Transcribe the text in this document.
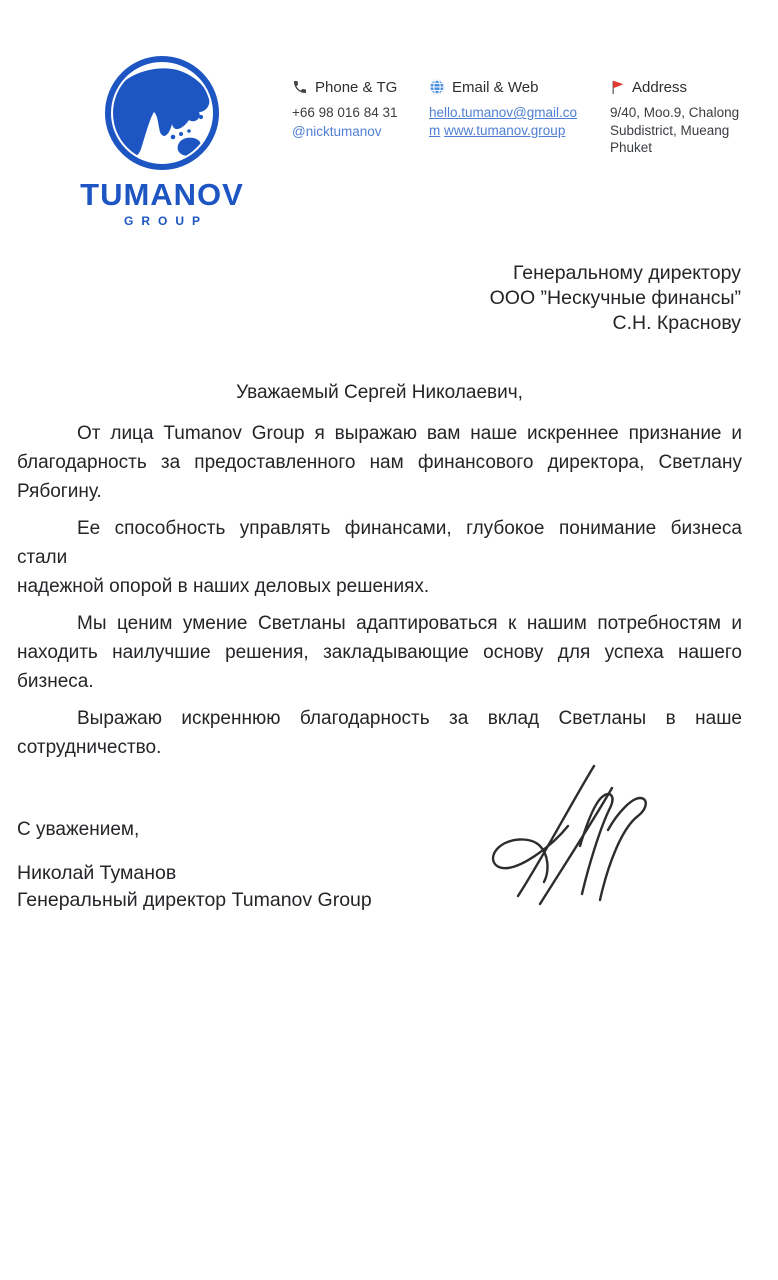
TUMANOV
GROUP
Phone & TG
+66 98 016 84 31
@nicktumanov
Email & Web
hello.tumanov@gmail.com www.tumanov.group
Address
9/40, Moo.9, Chalong Subdistrict, Mueang Phuket
Генеральному директору
ООО ”Нескучные финансы”
С.Н. Краснову
Уважаемый Сергей Николаевич,
От лица Tumanov Group я выражаю вам наше искреннее признание и
благодарность за предоставленного нам финансового директора, Светлану
Рябогину.
Ее способность управлять финансами, глубокое понимание бизнеса стали
надежной опорой в наших деловых решениях.
Мы ценим умение Светланы адаптироваться к нашим потребностям и
находить наилучшие решения, закладывающие основу для успеха нашего
бизнеса.
Выражаю искреннюю благодарность за вклад Светланы в наше
сотрудничество.
С уважением,
Николай Туманов
Генеральный директор Tumanov Group
